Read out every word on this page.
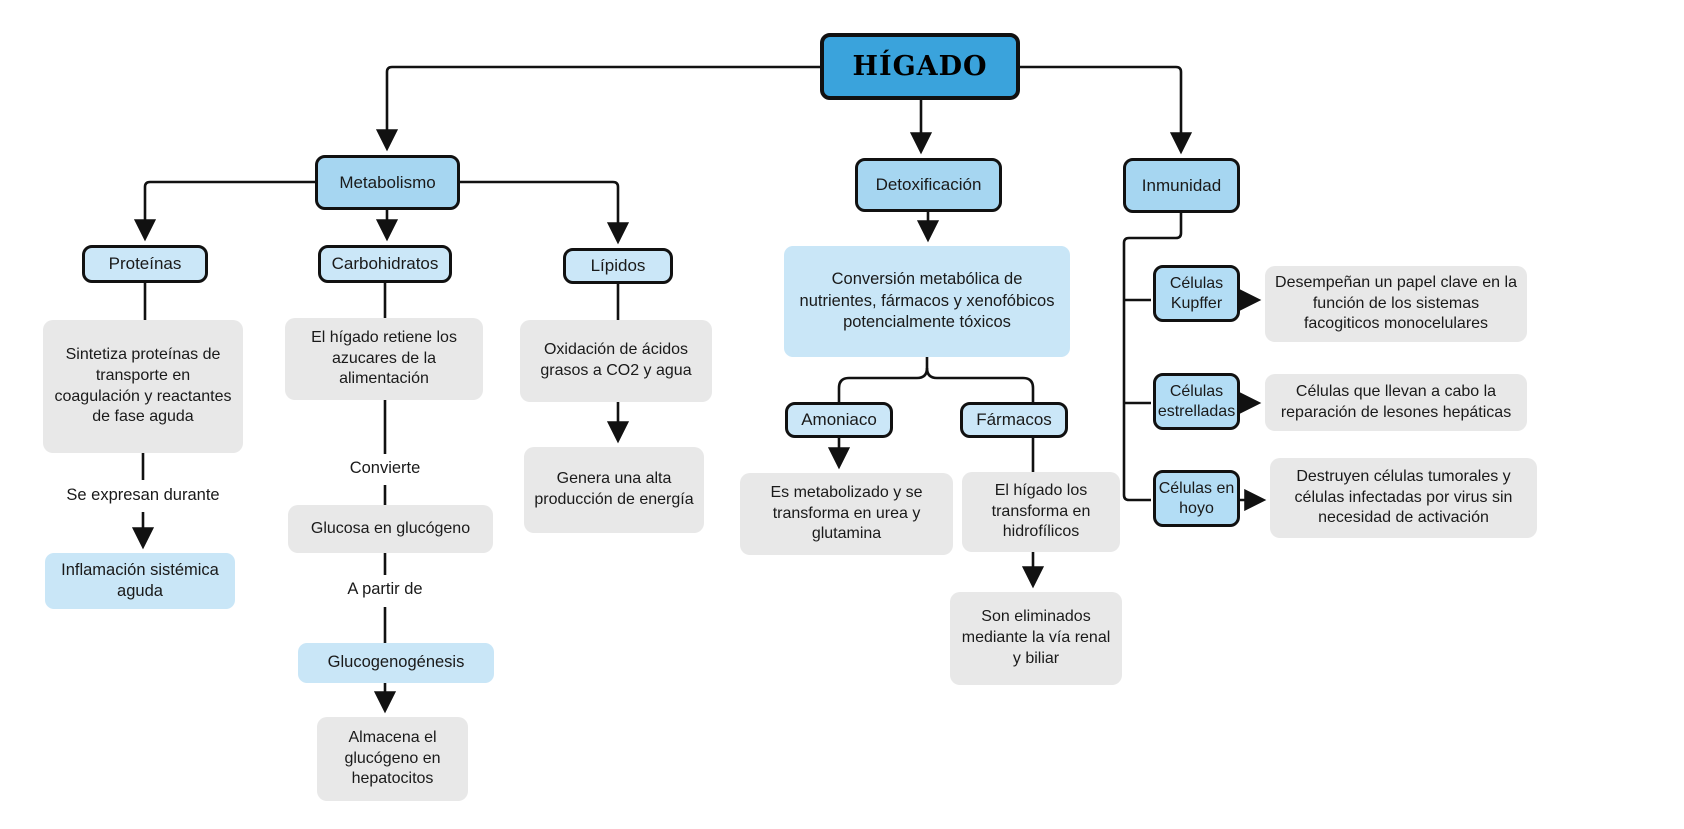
HÍGADO
Metabolismo	Detoxificación	Inmunidad
Proteínas	Carbohidratos	Lípidos
Amoniaco	Fármacos
Células Kupffer
Células estrelladas
Células en hoyo
Sintetiza proteínas de transporte en coagulación y reactantes de fase aguda
El hígado retiene los azucares de la alimentación
Glucosa en glucógeno
Almacena el glucógeno en hepatocitos
Oxidación de ácidos grasos a CO2 y agua
Genera una alta producción de energía	Es metabolizado y se transforma en urea y glutamina
El hígado los transforma en hidrofílicos
Son eliminados mediante la vía renal y biliar
Desempeñan un papel clave en la función de los sistemas facogiticos monocelulares
Células que llevan a cabo la reparación de lesones hepáticas
Destruyen células tumorales y células infectadas por virus sin necesidad de activación
Conversión metabólica de nutrientes, fármacos y xenofóbicos potencialmente tóxicos
Inflamación sistémica aguda
Glucogenogénesis
Se expresan durante
Convierte
A partir de
